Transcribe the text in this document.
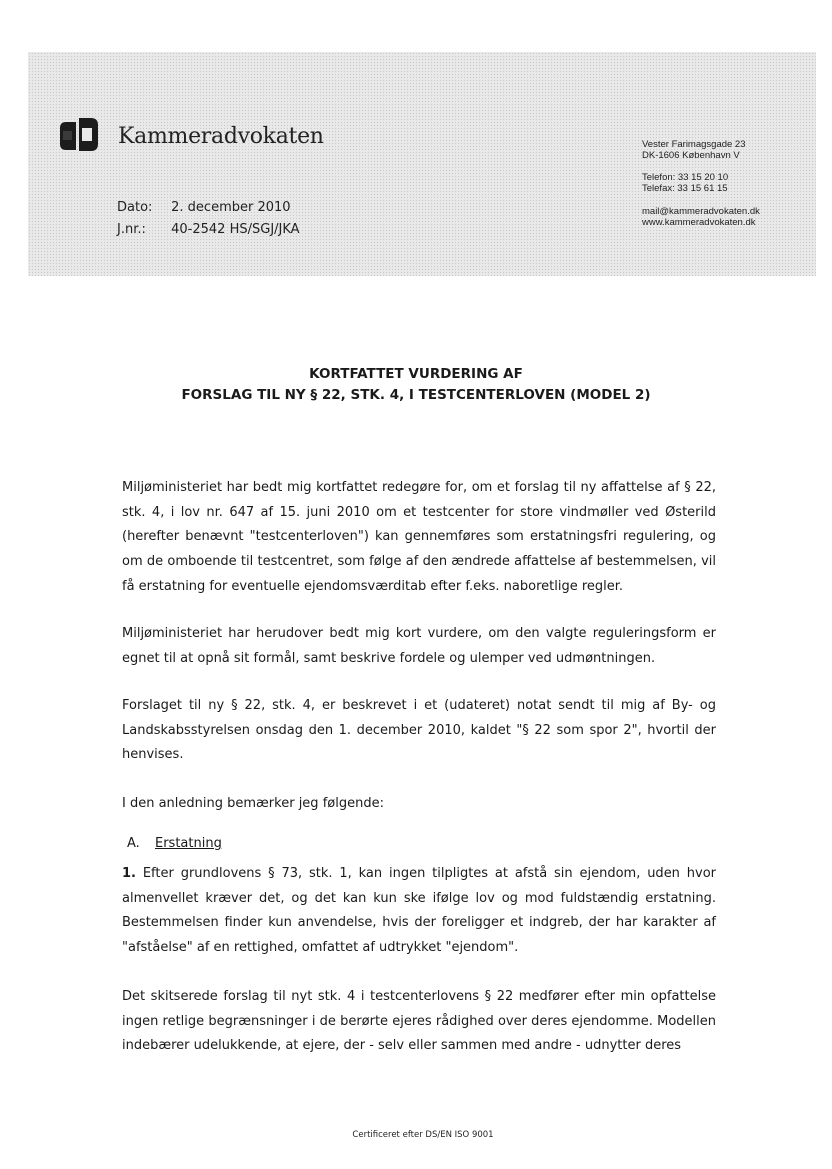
Kammeradvokaten
Dato: 2. december 2010
J.nr.: 40-2542 HS/SGJ/JKA
Vester Farimagsgade 23
DK-1606 København V
Telefon: 33 15 20 10
Telefax: 33 15 61 15
mail@kammeradvokaten.dk
www.kammeradvokaten.dk
KORTFATTET VURDERING AF
FORSLAG TIL NY § 22, STK. 4, I TESTCENTERLOVEN (MODEL 2)

Miljøministeriet har bedt mig kortfattet redegøre for, om et forslag til ny affattelse af § 22, stk. 4, i lov nr. 647 af 15. juni 2010 om et testcenter for store vindmøller ved Østerild (herefter benævnt "testcenterloven") kan gennemføres som erstatningsfri regulering, og om de omboende til testcentret, som følge af den ændrede affattelse af bestemmelsen, vil få erstatning for eventuelle ejendomsværditab efter f.eks. naboretlige regler.

Miljøministeriet har herudover bedt mig kort vurdere, om den valgte reguleringsform er egnet til at opnå sit formål, samt beskrive fordele og ulemper ved udmøntningen.

Forslaget til ny § 22, stk. 4, er beskrevet i et (udateret) notat sendt til mig af By- og Landskabsstyrelsen onsdag den 1. december 2010, kaldet "§ 22 som spor 2", hvortil der henvises.

I den anledning bemærker jeg følgende:

A. Erstatning

1. Efter grundlovens § 73, stk. 1, kan ingen tilpligtes at afstå sin ejendom, uden hvor almenvellet kræver det, og det kan kun ske ifølge lov og mod fuldstændig erstatning. Bestemmelsen finder kun anvendelse, hvis der foreligger et indgreb, der har karakter af "afståelse" af en rettighed, omfattet af udtrykket "ejendom".

Det skitserede forslag til nyt stk. 4 i testcenterlovens § 22 medfører efter min opfattelse ingen retlige begrænsninger i de berørte ejeres rådighed over deres ejendomme. Modellen indebærer udelukkende, at ejere, der - selv eller sammen med andre - udnytter deres

Certificeret efter DS/EN ISO 9001
